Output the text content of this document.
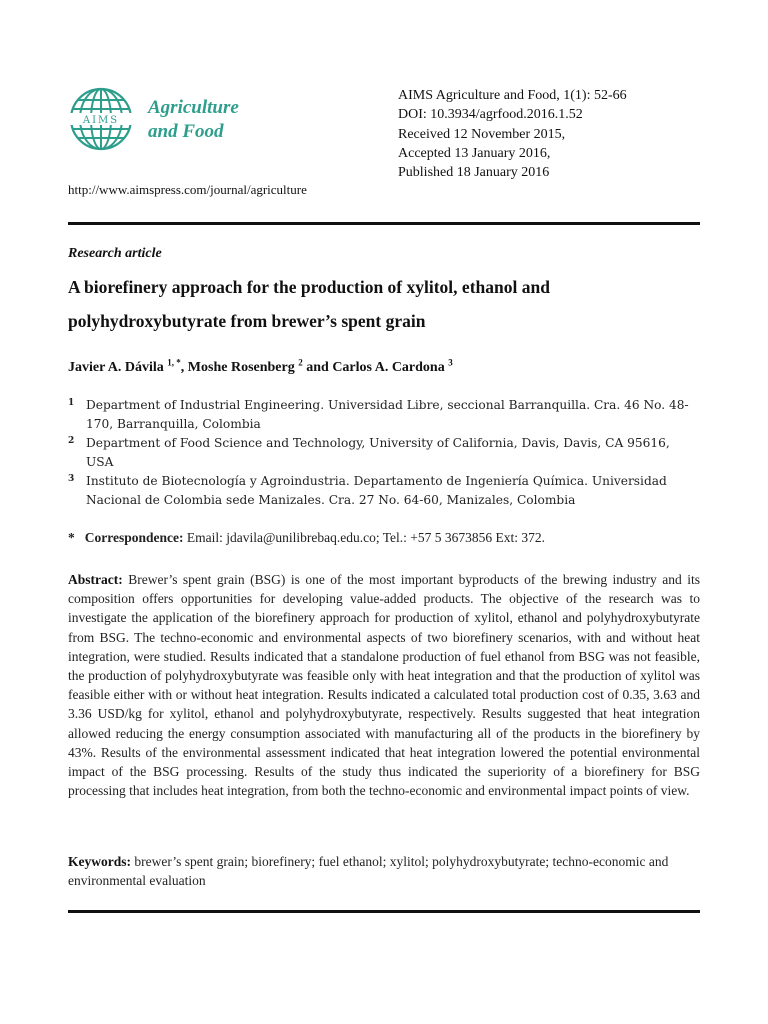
AIMS
Agriculture
and Food
AIMS Agriculture and Food, 1(1): 52-66
DOI: 10.3934/agrfood.2016.1.52
Received 12 November 2015,
Accepted 13 January 2016,
Published 18 January 2016
http://www.aimspress.com/journal/agriculture
Research article
A biorefinery approach for the production of xylitol, ethanol and
polyhydroxybutyrate from brewer’s spent grain
Javier A. Dávila $^{1, *}$, Moshe Rosenberg $^2$ and Carlos A. Cardona $^3$
1 Department of Industrial Engineering. Universidad Libre, seccional Barranquilla. Cra. 46 No. 48-170, Barranquilla, Colombia
2 Department of Food Science and Technology, University of California, Davis, Davis, CA 95616, USA
3 Instituto de Biotecnología y Agroindustria. Departamento de Ingeniería Química. Universidad Nacional de Colombia sede Manizales. Cra. 27 No. 64-60, Manizales, Colombia
* Correspondence: Email: jdavila@unilibrebaq.edu.co; Tel.: +57 5 3673856 Ext: 372.
Abstract: Brewer’s spent grain (BSG) is one of the most important byproducts of the brewing industry and its composition offers opportunities for developing value-added products. The objective of the research was to investigate the application of the biorefinery approach for production of xylitol, ethanol and polyhydroxybutyrate from BSG. The techno-economic and environmental aspects of two biorefinery scenarios, with and without heat integration, were studied. Results indicated that a standalone production of fuel ethanol from BSG was not feasible, the production of polyhydroxybutyrate was feasible only with heat integration and that the production of xylitol was feasible either with or without heat integration. Results indicated a calculated total production cost of 0.35, 3.63 and 3.36 USD/kg for xylitol, ethanol and polyhydroxybutyrate, respectively. Results suggested that heat integration allowed reducing the energy consumption associated with manufacturing all of the products in the biorefinery by 43%. Results of the environmental assessment indicated that heat integration lowered the potential environmental impact of the BSG processing. Results of the study thus indicated the superiority of a biorefinery for BSG processing that includes heat integration, from both the techno-economic and environmental impact points of view.
Keywords: brewer’s spent grain; biorefinery; fuel ethanol; xylitol; polyhydroxybutyrate; techno-economic and environmental evaluation
